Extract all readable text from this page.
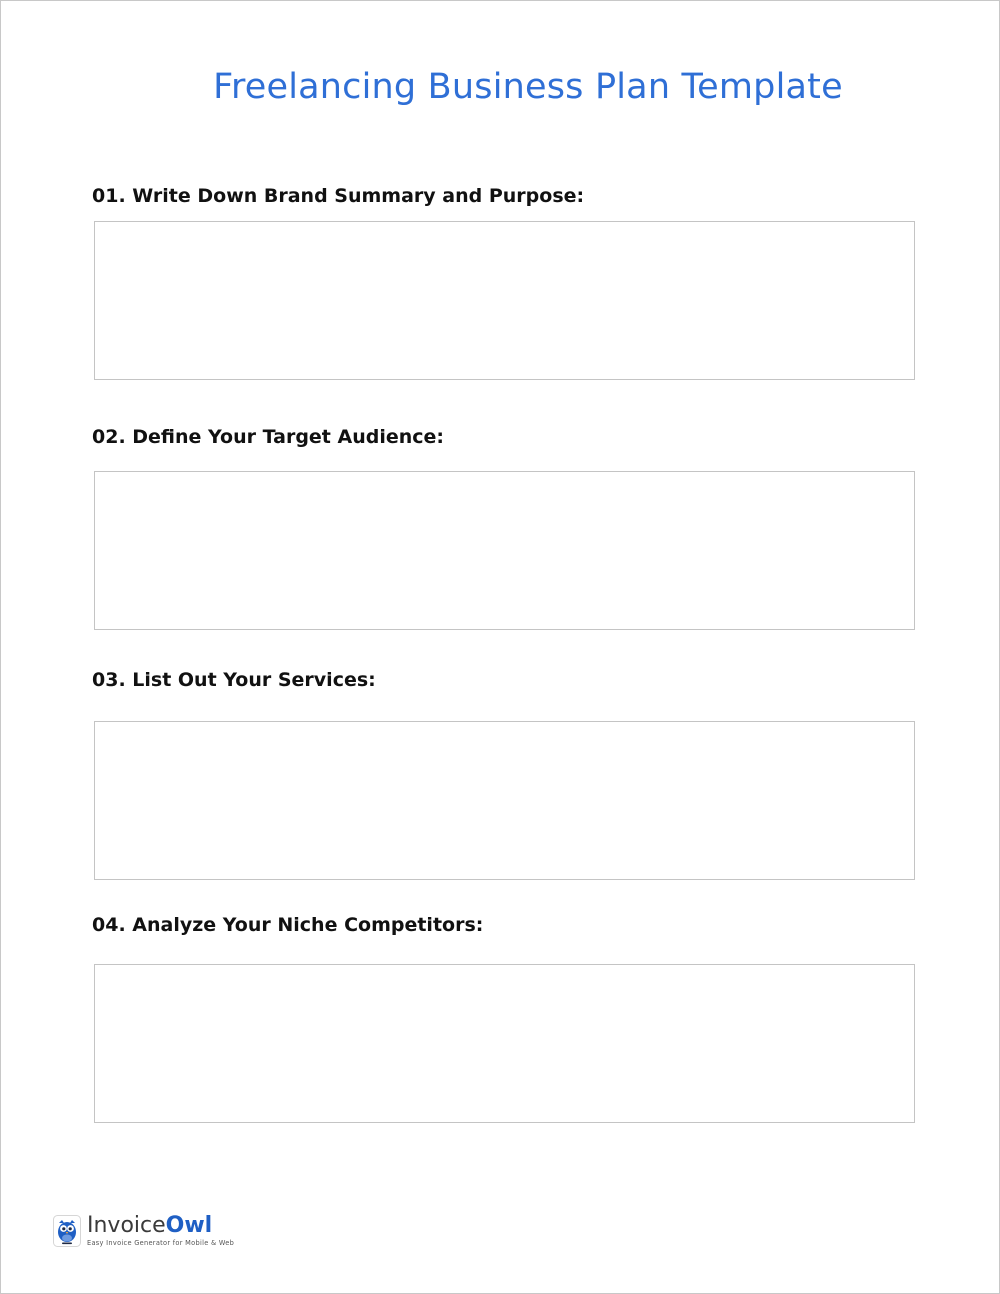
Freelancing Business Plan Template
01. Write Down Brand Summary and Purpose:
02. Define Your Target Audience:
03. List Out Your Services:
04. Analyze Your Niche Competitors:
InvoiceOwl
Easy Invoice Generator for Mobile & Web
